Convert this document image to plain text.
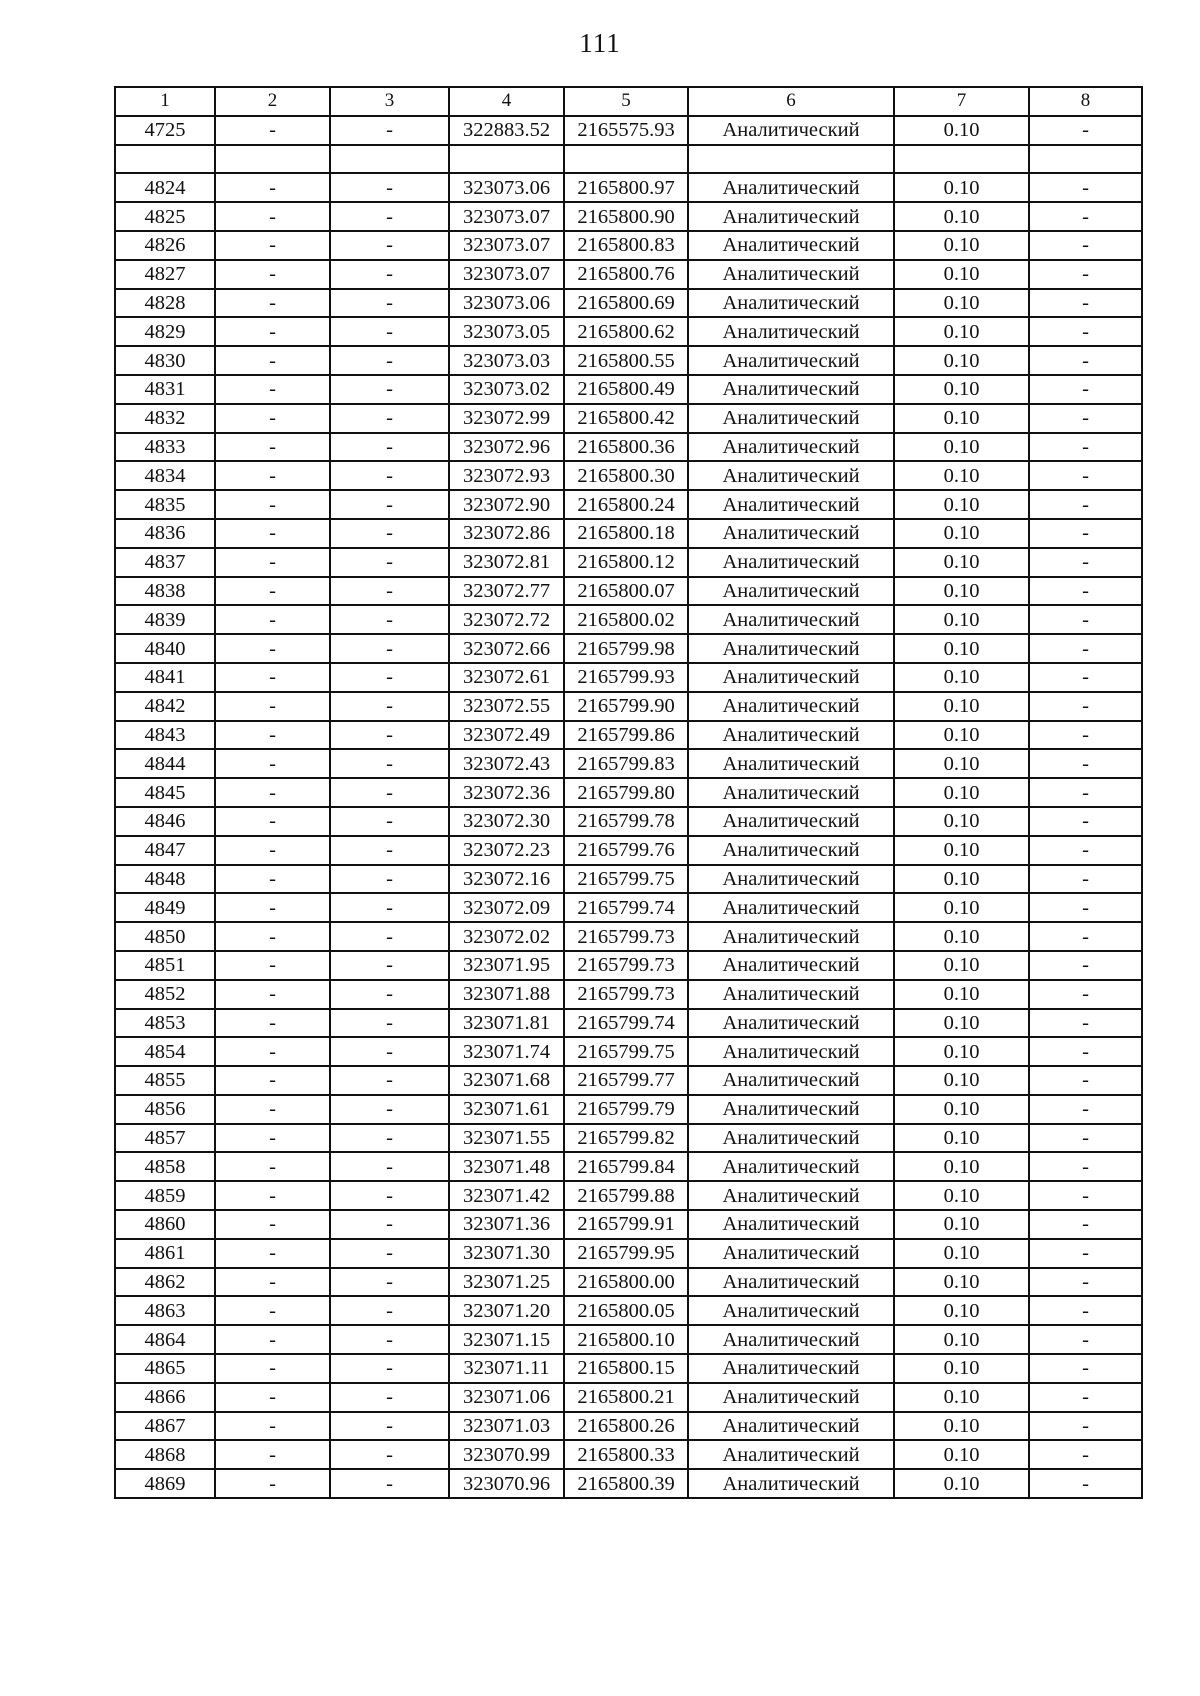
111
1	2	3	4	5	6	7	8
4725	-	-	322883.52	2165575.93	Аналитический	0.10	-

4824	-	-	323073.06	2165800.97	Аналитический	0.10	-
4825	-	-	323073.07	2165800.90	Аналитический	0.10	-
4826	-	-	323073.07	2165800.83	Аналитический	0.10	-
4827	-	-	323073.07	2165800.76	Аналитический	0.10	-
4828	-	-	323073.06	2165800.69	Аналитический	0.10	-
4829	-	-	323073.05	2165800.62	Аналитический	0.10	-
4830	-	-	323073.03	2165800.55	Аналитический	0.10	-
4831	-	-	323073.02	2165800.49	Аналитический	0.10	-
4832	-	-	323072.99	2165800.42	Аналитический	0.10	-
4833	-	-	323072.96	2165800.36	Аналитический	0.10	-
4834	-	-	323072.93	2165800.30	Аналитический	0.10	-
4835	-	-	323072.90	2165800.24	Аналитический	0.10	-
4836	-	-	323072.86	2165800.18	Аналитический	0.10	-
4837	-	-	323072.81	2165800.12	Аналитический	0.10	-
4838	-	-	323072.77	2165800.07	Аналитический	0.10	-
4839	-	-	323072.72	2165800.02	Аналитический	0.10	-
4840	-	-	323072.66	2165799.98	Аналитический	0.10	-
4841	-	-	323072.61	2165799.93	Аналитический	0.10	-
4842	-	-	323072.55	2165799.90	Аналитический	0.10	-
4843	-	-	323072.49	2165799.86	Аналитический	0.10	-
4844	-	-	323072.43	2165799.83	Аналитический	0.10	-
4845	-	-	323072.36	2165799.80	Аналитический	0.10	-
4846	-	-	323072.30	2165799.78	Аналитический	0.10	-
4847	-	-	323072.23	2165799.76	Аналитический	0.10	-
4848	-	-	323072.16	2165799.75	Аналитический	0.10	-
4849	-	-	323072.09	2165799.74	Аналитический	0.10	-
4850	-	-	323072.02	2165799.73	Аналитический	0.10	-
4851	-	-	323071.95	2165799.73	Аналитический	0.10	-
4852	-	-	323071.88	2165799.73	Аналитический	0.10	-
4853	-	-	323071.81	2165799.74	Аналитический	0.10	-
4854	-	-	323071.74	2165799.75	Аналитический	0.10	-
4855	-	-	323071.68	2165799.77	Аналитический	0.10	-
4856	-	-	323071.61	2165799.79	Аналитический	0.10	-
4857	-	-	323071.55	2165799.82	Аналитический	0.10	-
4858	-	-	323071.48	2165799.84	Аналитический	0.10	-
4859	-	-	323071.42	2165799.88	Аналитический	0.10	-
4860	-	-	323071.36	2165799.91	Аналитический	0.10	-
4861	-	-	323071.30	2165799.95	Аналитический	0.10	-
4862	-	-	323071.25	2165800.00	Аналитический	0.10	-
4863	-	-	323071.20	2165800.05	Аналитический	0.10	-
4864	-	-	323071.15	2165800.10	Аналитический	0.10	-
4865	-	-	323071.11	2165800.15	Аналитический	0.10	-
4866	-	-	323071.06	2165800.21	Аналитический	0.10	-
4867	-	-	323071.03	2165800.26	Аналитический	0.10	-
4868	-	-	323070.99	2165800.33	Аналитический	0.10	-
4869	-	-	323070.96	2165800.39	Аналитический	0.10	-
